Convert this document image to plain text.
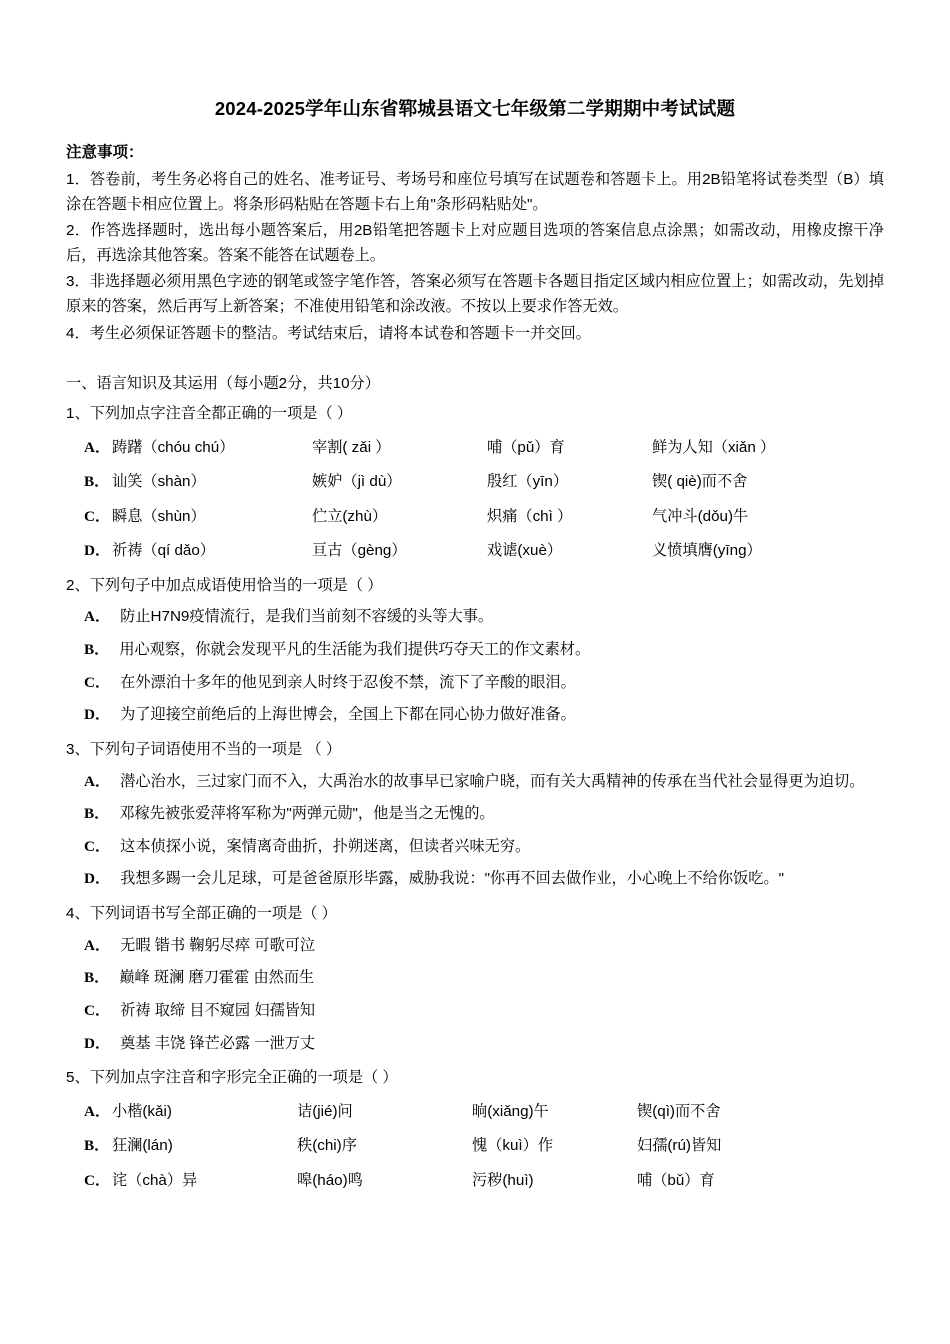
2024-2025学年山东省郓城县语文七年级第二学期期中考试试题
注意事项：
1．答卷前，考生务必将自己的姓名、准考证号、考场号和座位号填写在试题卷和答题卡上。用2B铅笔将试卷类型（B）填涂在答题卡相应位置上。将条形码粘贴在答题卡右上角"条形码粘贴处"。
2．作答选择题时，选出每小题答案后，用2B铅笔把答题卡上对应题目选项的答案信息点涂黑；如需改动，用橡皮擦干净后，再选涂其他答案。答案不能答在试题卷上。
3．非选择题必须用黑色字迹的钢笔或签字笔作答，答案必须写在答题卡各题目指定区域内相应位置上；如需改动，先划掉原来的答案，然后再写上新答案；不准使用铅笔和涂改液。不按以上要求作答无效。
4．考生必须保证答题卡的整洁。考试结束后，请将本试卷和答题卡一并交回。
一、语言知识及其运用（每小题2分，共10分）
1、下列加点字注音全都正确的一项是（ ）
A． 踌躇（chóu chú）	宰割( zǎi ）	哺（pǔ）育	鲜为人知（xiǎn ）
B． 讪笑（shàn）	嫉妒（jì dù）	殷红（yīn）	锲( qiè)而不舍
C． 瞬息（shùn）	伫立(zhù）	炽痛（chì ）	气冲斗(dǒu)牛
D． 祈祷（qí dǎo）	亘古（gèng）	戏谑(xuè）	义愤填膺(yīng）
2、下列句子中加点成语使用恰当的一项是（ ）
A． 防止H7N9疫情流行，是我们当前刻不容缓的头等大事。
B． 用心观察，你就会发现平凡的生活能为我们提供巧夺天工的作文素材。
C． 在外漂泊十多年的他见到亲人时终于忍俊不禁，流下了辛酸的眼泪。
D． 为了迎接空前绝后的上海世博会，全国上下都在同心协力做好准备。
3、下列句子词语使用不当的一项是 （ ）
A． 潜心治水，三过家门而不入，大禹治水的故事早已家喻户晓，而有关大禹精神的传承在当代社会显得更为迫切。
B． 邓稼先被张爱萍将军称为"两弹元勋"，他是当之无愧的。
C． 这本侦探小说，案情离奇曲折，扑朔迷离，但读者兴味无穷。
D． 我想多踢一会儿足球，可是爸爸原形毕露，威胁我说："你再不回去做作业，小心晚上不给你饭吃。"
4、下列词语书写全部正确的一项是（ ）
A． 无暇 锴书 鞠躬尽瘁 可歌可泣
B． 巅峰 斑澜 磨刀霍霍 由然而生
C． 祈祷 取缔 目不窥园 妇孺皆知
D． 奠基 丰饶 锋芒必露 一泄万丈
5、下列加点字注音和字形完全正确的一项是（ ）
A． 小楷(kǎi)	诘(jié)问	晌(xiǎng)午	锲(qì)而不舍
B． 狂澜(lán)	秩(chi)序	愧（kuì）作	妇孺(rú)皆知
C． 诧（chà）异	嗥(háo)鸣	污秽(huì)	哺（bǔ）育
